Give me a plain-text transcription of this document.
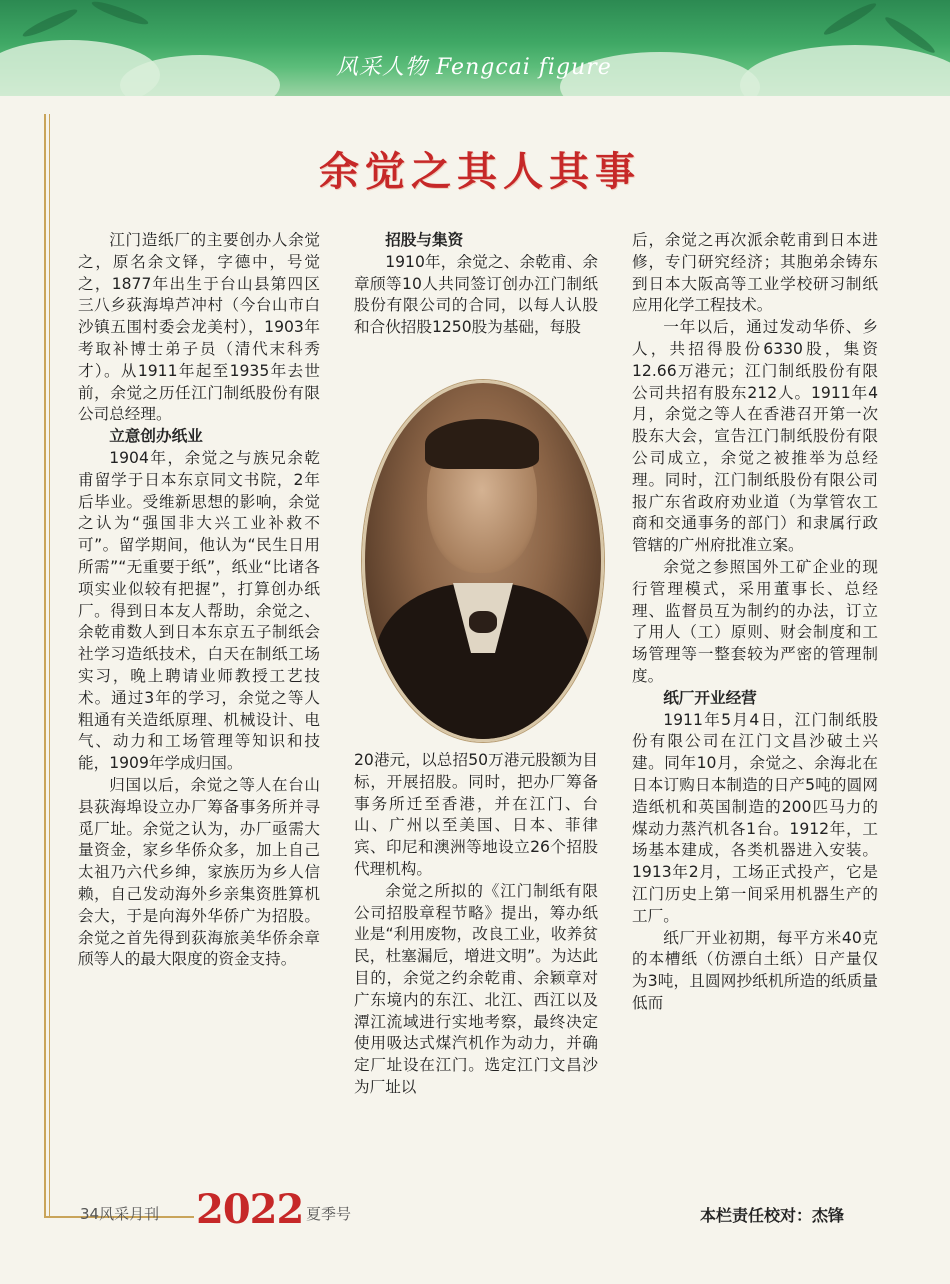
风采人物 Fengcai figure
余觉之其人其事

江门造纸厂的主要创办人余觉之，原名余文铎，字德中，号觉之，1877年出生于台山县第四区三八乡荻海埠芦冲村（今台山市白沙镇五围村委会龙美村），1903年考取补博士弟子员（清代末科秀才）。从1911年起至1935年去世前，余觉之历任江门制纸股份有限公司总经理。

立意创办纸业

1904年，余觉之与族兄余乾甫留学于日本东京同文书院，2年后毕业。受维新思想的影响，余觉之认为“强国非大兴工业补救不可”。留学期间，他认为“民生日用所需”“无重要于纸”，纸业“比诸各项实业似较有把握”，打算创办纸厂。得到日本友人帮助，余觉之、余乾甫数人到日本东京五子制纸会社学习造纸技术，白天在制纸工场实习，晚上聘请业师教授工艺技术。通过3年的学习，余觉之等人粗通有关造纸原理、机械设计、电气、动力和工场管理等知识和技能，1909年学成归国。

归国以后，余觉之等人在台山县荻海埠设立办厂筹备事务所并寻觅厂址。余觉之认为，办厂亟需大量资金，家乡华侨众多，加上自己太祖乃六代乡绅，家族历为乡人信赖，自己发动海外乡亲集资胜算机会大，于是向海外华侨广为招股。余觉之首先得到荻海旅美华侨余章颀等人的最大限度的资金支持。

招股与集资

1910年，余觉之、余乾甫、余章颀等10人共同签订创办江门制纸股份有限公司的合同，以每人认股和合伙招股1250股为基础，每股

20港元，以总招50万港元股额为目标，开展招股。同时，把办厂筹备事务所迁至香港，并在江门、台山、广州以至美国、日本、菲律宾、印尼和澳洲等地设立26个招股代理机构。

余觉之所拟的《江门制纸有限公司招股章程节略》提出，筹办纸业是“利用废物，改良工业，收养贫民，杜塞漏卮，增进文明”。为达此目的，余觉之约余乾甫、余颖章对广东境内的东江、北江、西江以及潭江流域进行实地考察，最终决定使用吸达式煤汽机作为动力，并确定厂址设在江门。选定江门文昌沙为厂址以

后，余觉之再次派余乾甫到日本进修，专门研究经济；其胞弟余铸东到日本大阪高等工业学校研习制纸应用化学工程技术。

一年以后，通过发动华侨、乡人，共招得股份6330股，集资12.66万港元；江门制纸股份有限公司共招有股东212人。1911年4月，余觉之等人在香港召开第一次股东大会，宣告江门制纸股份有限公司成立，余觉之被推举为总经理。同时，江门制纸股份有限公司报广东省政府劝业道（为掌管农工商和交通事务的部门）和隶属行政管辖的广州府批准立案。

余觉之参照国外工矿企业的现行管理模式，采用董事长、总经理、监督员互为制约的办法，订立了用人（工）原则、财会制度和工场管理等一整套较为严密的管理制度。

纸厂开业经营

1911年5月4日，江门制纸股份有限公司在江门文昌沙破土兴建。同年10月，余觉之、余海北在日本订购日本制造的日产5吨的圆网造纸机和英国制造的200匹马力的煤动力蒸汽机各1台。1912年，工场基本建成，各类机器进入安装。1913年2月，工场正式投产，它是江门历史上第一间采用机器生产的工厂。

纸厂开业初期，每平方米40克的本槽纸（仿漂白土纸）日产量仅为3吨，且圆网抄纸机所造的纸质量低而

34风采月刊 2022 夏季号	本栏责任校对：杰锋
